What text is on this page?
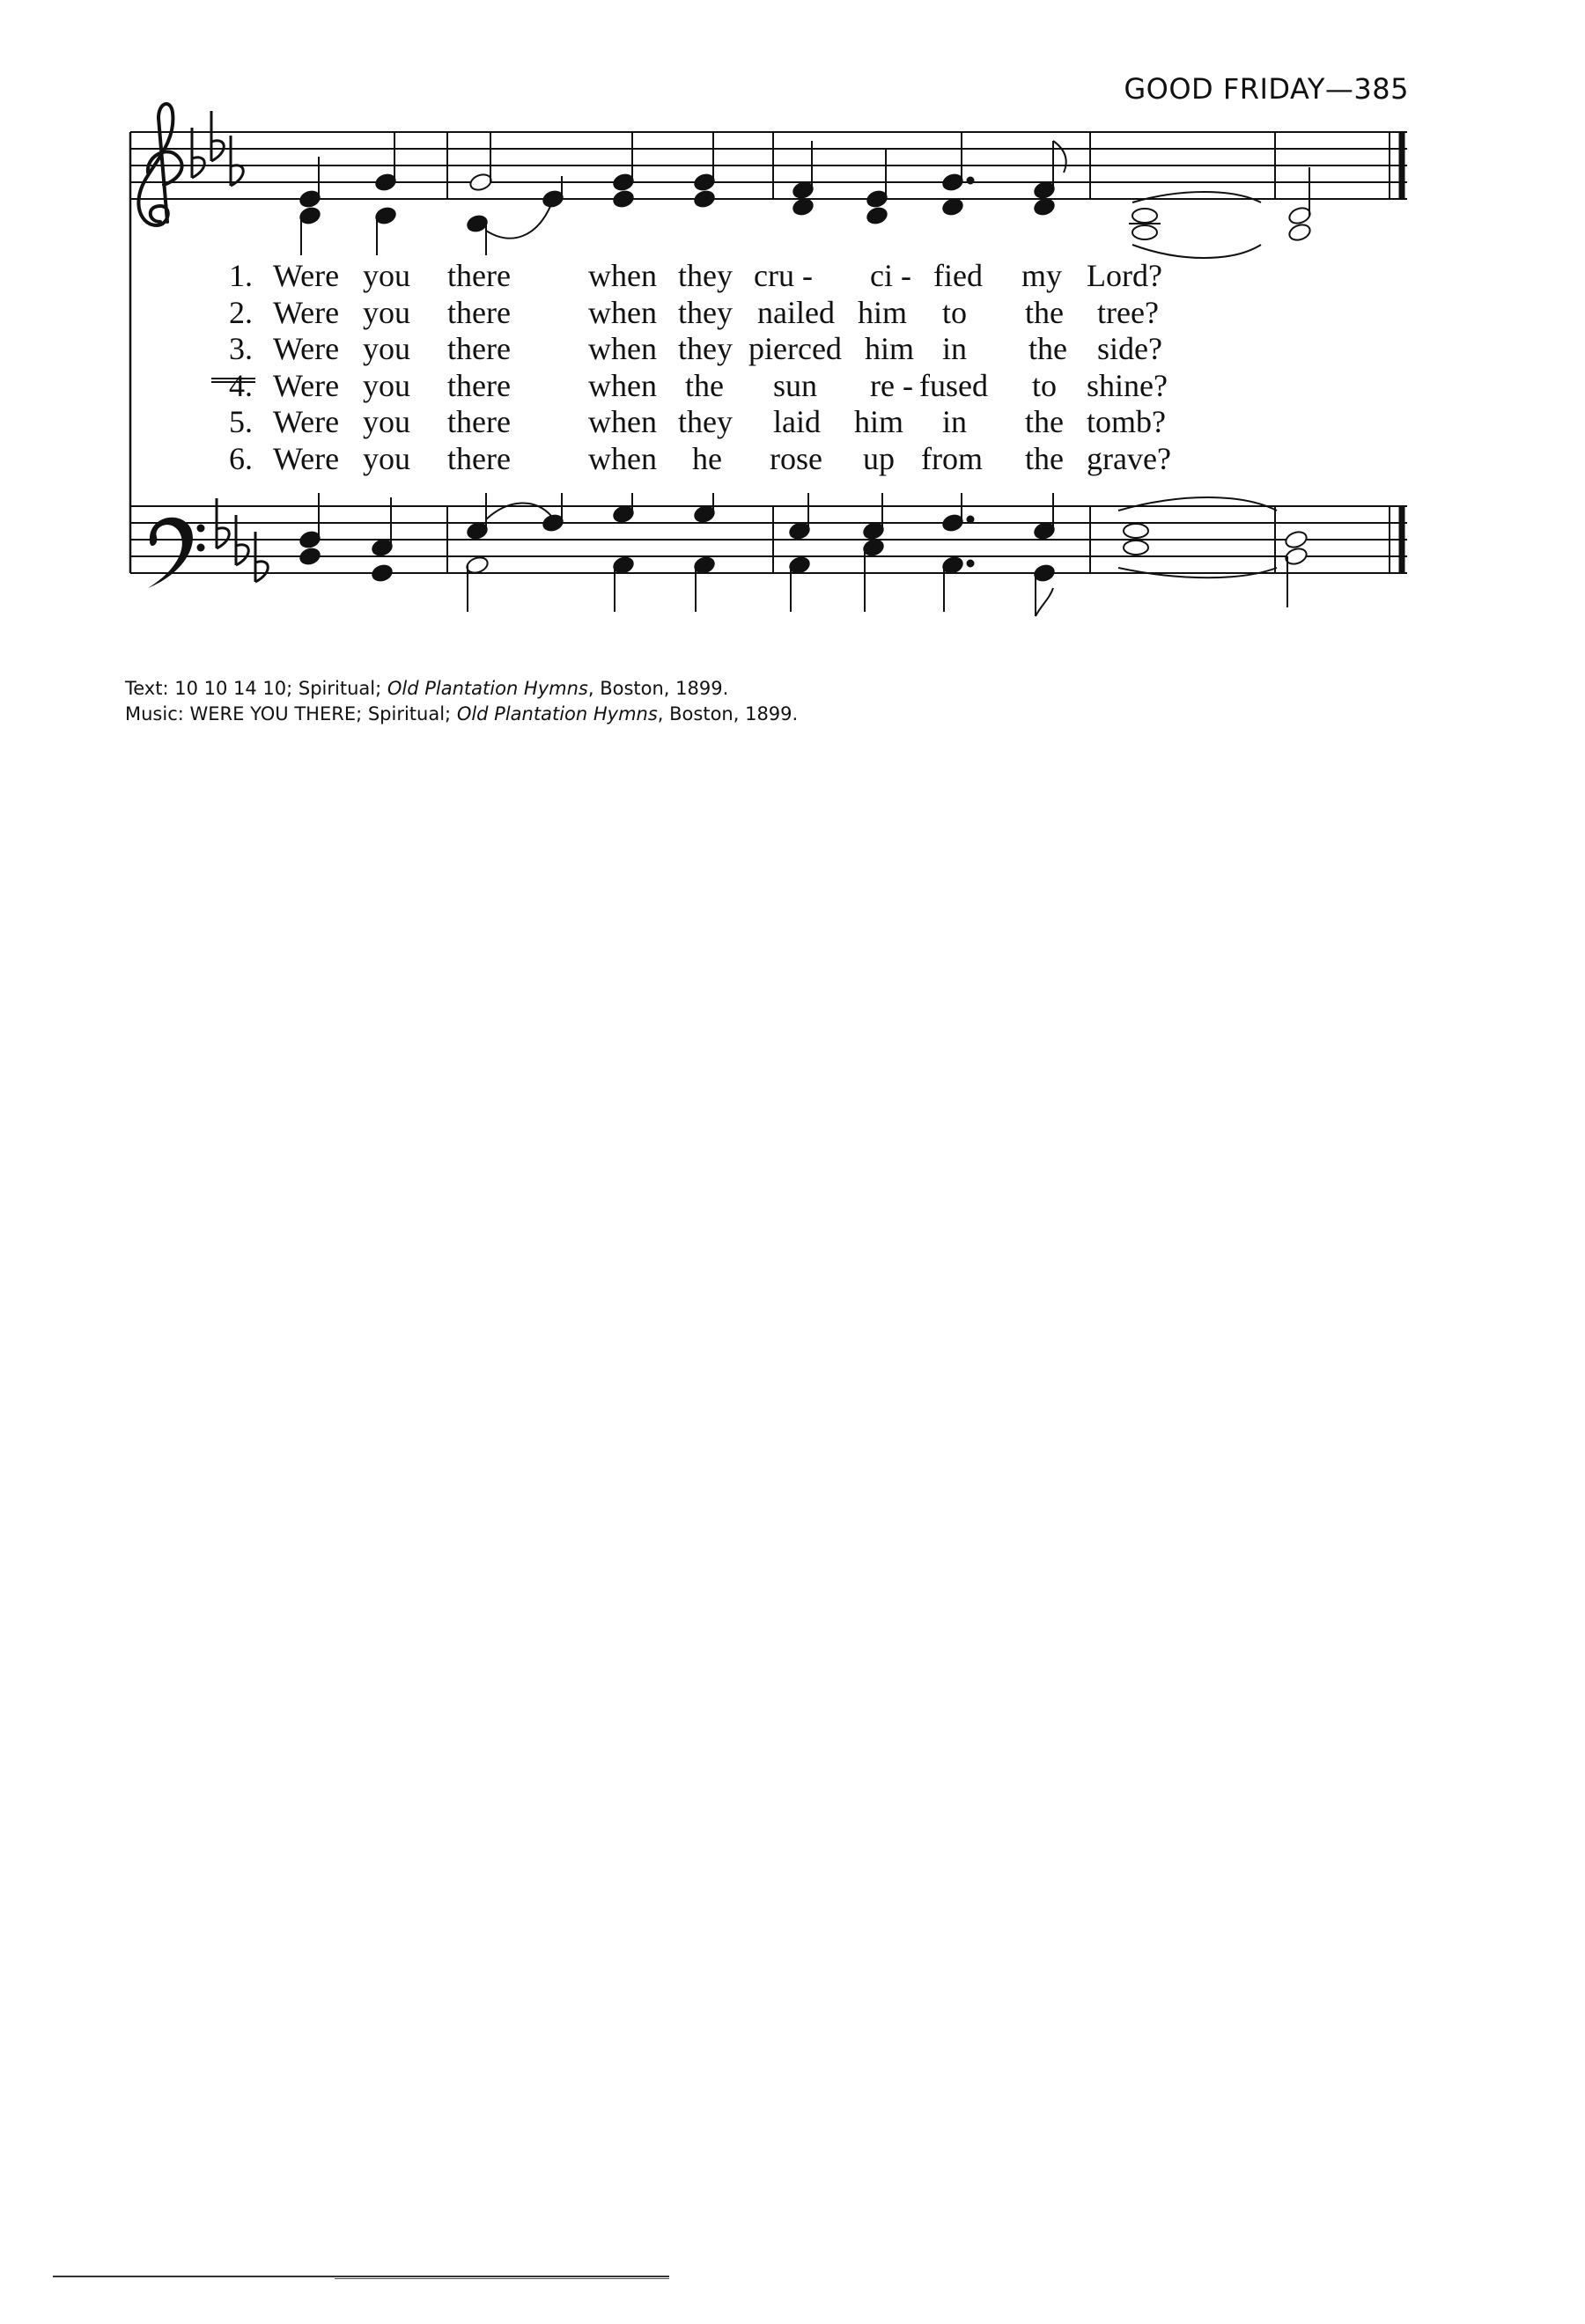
GOOD FRIDAY—385
1. Were you there when they cru - ci - fied my Lord?
2. Were you there when they nailed him to the tree?
3. Were you there when they pierced him in the side?
4. Were you there when the sun re - fused to shine?
5. Were you there when they laid him in the tomb?
6. Were you there when he rose up from the grave?
Text: 10 10 14 10; Spiritual; Old Plantation Hymns, Boston, 1899.
Music: WERE YOU THERE; Spiritual; Old Plantation Hymns, Boston, 1899.
